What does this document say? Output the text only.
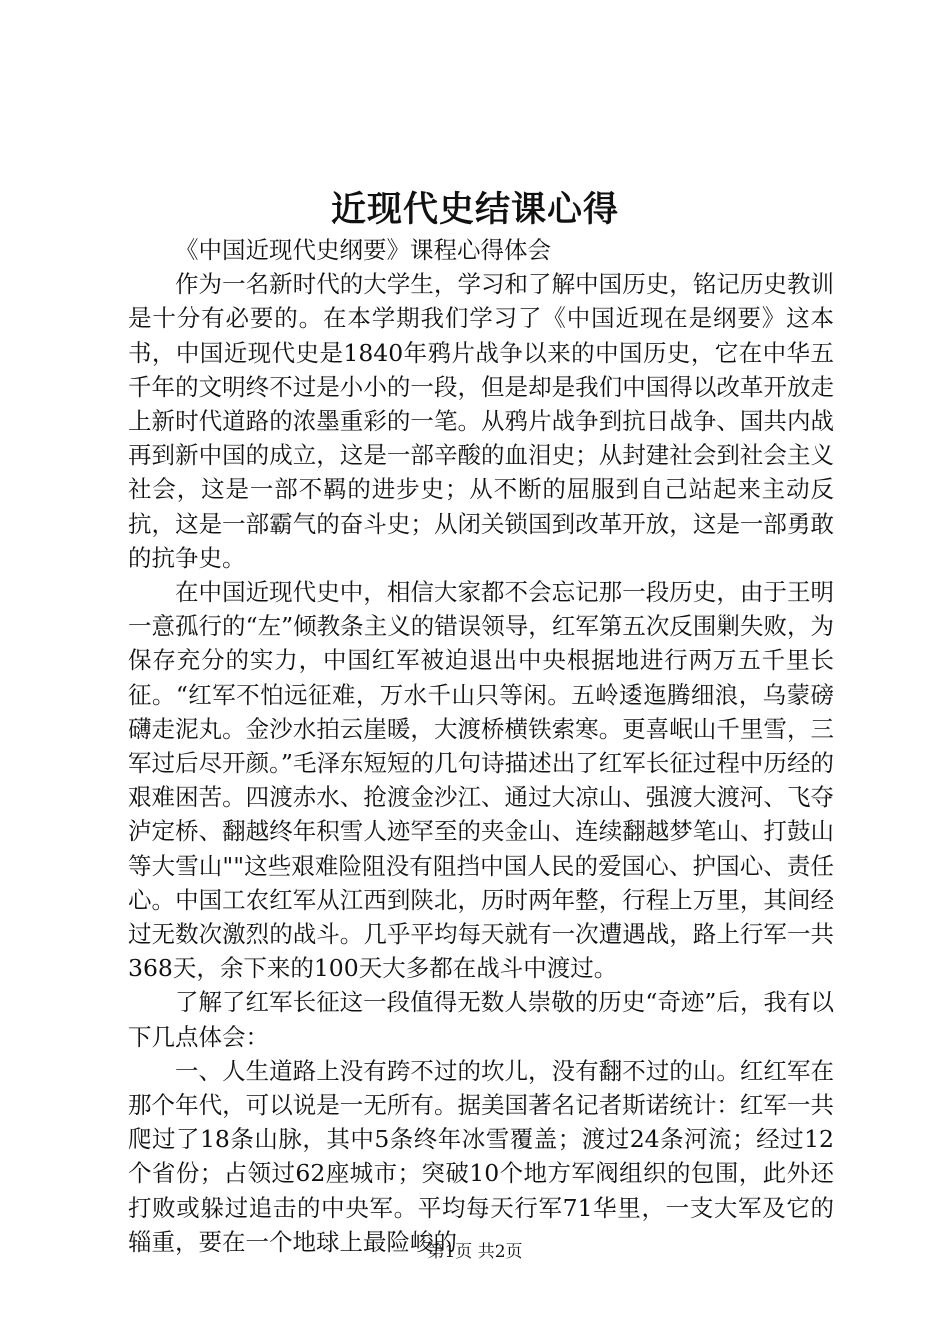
近现代史结课心得

《中国近现代史纲要》课程心得体会

作为一名新时代的大学生，学习和了解中国历史，铭记历史教训是十分有必要的。在本学期我们学习了《中国近现在是纲要》这本书，中国近现代史是1840年鸦片战争以来的中国历史，它在中华五千年的文明终不过是小小的一段，但是却是我们中国得以改革开放走上新时代道路的浓墨重彩的一笔。从鸦片战争到抗日战争、国共内战再到新中国的成立，这是一部辛酸的血泪史；从封建社会到社会主义社会，这是一部不羁的进步史；从不断的屈服到自己站起来主动反抗，这是一部霸气的奋斗史；从闭关锁国到改革开放，这是一部勇敢的抗争史。

在中国近现代史中，相信大家都不会忘记那一段历史，由于王明一意孤行的“左”倾教条主义的错误领导，红军第五次反围剿失败，为保存充分的实力，中国红军被迫退出中央根据地进行两万五千里长征。“红军不怕远征难，万水千山只等闲。五岭逶迤腾细浪，乌蒙磅礴走泥丸。金沙水拍云崖暖，大渡桥横铁索寒。更喜岷山千里雪，三军过后尽开颜。”毛泽东短短的几句诗描述出了红军长征过程中历经的艰难困苦。四渡赤水、抢渡金沙江、通过大凉山、强渡大渡河、飞夺泸定桥、翻越终年积雪人迹罕至的夹金山、连续翻越梦笔山、打鼓山等大雪山""这些艰难险阻没有阻挡中国人民的爱国心、护国心、责任心。中国工农红军从江西到陕北，历时两年整，行程上万里，其间经过无数次激烈的战斗。几乎平均每天就有一次遭遇战，路上行军一共368天，余下来的100天大多都在战斗中渡过。

了解了红军长征这一段值得无数人崇敬的历史“奇迹”后，我有以下几点体会：

一、人生道路上没有跨不过的坎儿，没有翻不过的山。红红军在那个年代，可以说是一无所有。据美国著名记者斯诺统计：红军一共爬过了18条山脉，其中5条终年冰雪覆盖；渡过24条河流；经过12个省份；占领过62座城市；突破10个地方军阀组织的包围，此外还打败或躲过追击的中央军。平均每天行军71华里，一支大军及它的辎重，要在一个地球上最险峻的

第1页 共2页
